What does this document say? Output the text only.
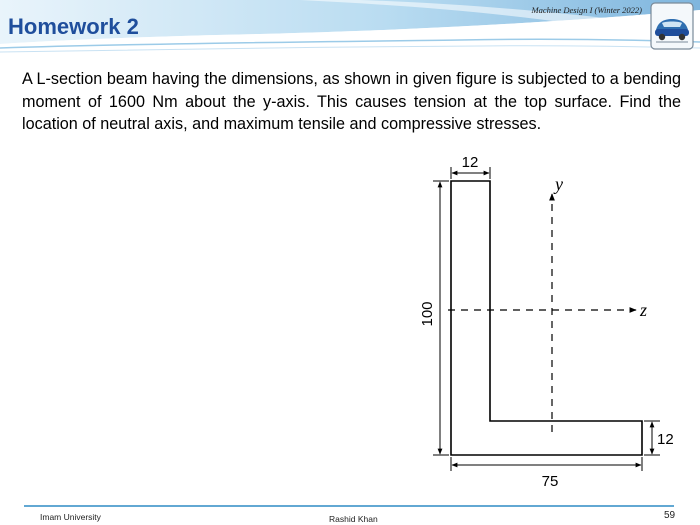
Machine Design I (Winter 2022)
Homework 2

A L-section beam having the dimensions, as shown in given figure is subjected to a bending moment of 1600 Nm about the y-axis. This causes tension at the top surface. Find the location of neutral axis, and maximum tensile and compressive stresses.

12
100
12
75
y
z
Imam University	Rashid Khan	59
